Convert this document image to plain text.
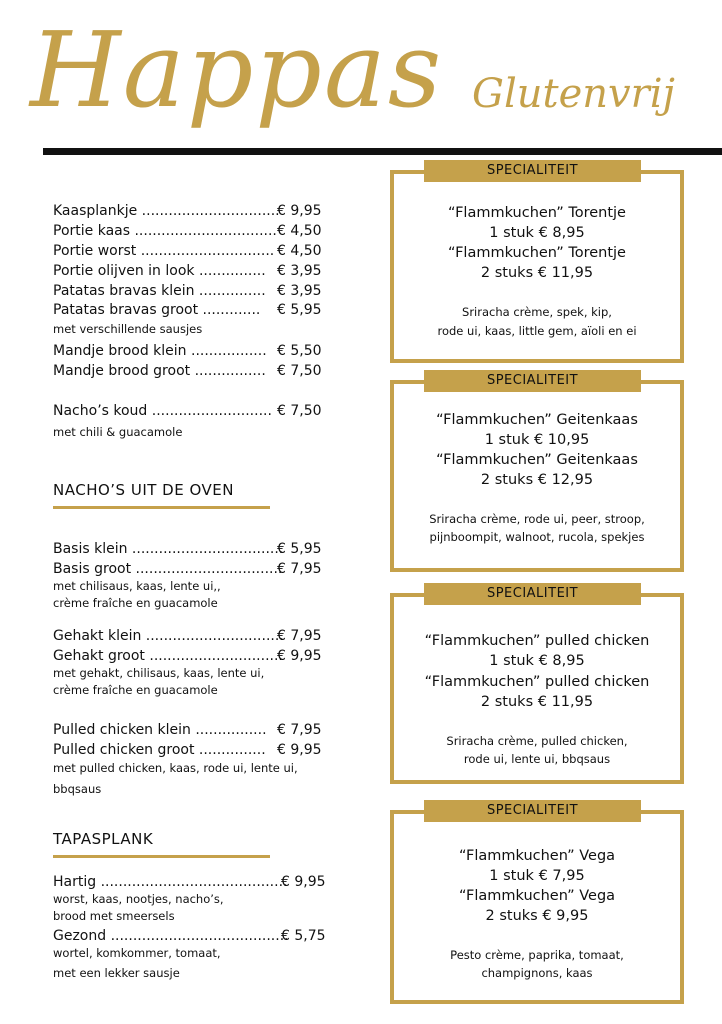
Happas Glutenvrij
Kaasplankje ...............................
€ 9,95
Portie kaas ................................ € 4,50
Portie worst .............................. € 4,50
Portie olijven in look ............... € 3,95
Patatas bravas klein ............... € 3,95
Patatas bravas groot ............. € 5,95
met verschillende sausjes
Mandje brood klein ................. € 5,50
Mandje brood groot ................ € 7,50
Nacho’s koud ........................... € 7,50
met chili & guacamole
NACHO’S UIT DE OVEN
Basis klein ..................................
€ 5,95
Basis groot .................................
€ 7,95
met chilisaus, kaas, lente ui,,
crème fraîche en guacamole
Gehakt klein ...............................
€ 7,95
Gehakt groot ..............................
€ 9,95
met gehakt, chilisaus, kaas, lente ui,
crème fraîche en guacamole
Pulled chicken klein ................ € 7,95
Pulled chicken groot ............... € 9,95
met pulled chicken, kaas, rode ui, lente ui,
bbqsaus
TAPASPLANK
Hartig ..........................................
€ 9,95
worst, kaas, nootjes, nacho’s,
brood met smeersels
Gezond ........................................
€ 5,75
wortel, komkommer, tomaat,
met een lekker sausje
SPECIALITEIT
“Flammkuchen” Torentje
1 stuk € 8,95
“Flammkuchen” Torentje
2 stuks € 11,95
Sriracha crème, spek, kip,
rode ui, kaas, little gem, aïoli en ei
SPECIALITEIT
“Flammkuchen” Geitenkaas
1 stuk € 10,95
“Flammkuchen” Geitenkaas
2 stuks € 12,95
Sriracha crème, rode ui, peer, stroop,
pijnboompit, walnoot, rucola, spekjes
SPECIALITEIT
“Flammkuchen” pulled chicken
1 stuk € 8,95
“Flammkuchen” pulled chicken
2 stuks € 11,95
Sriracha crème, pulled chicken,
rode ui, lente ui, bbqsaus
SPECIALITEIT
“Flammkuchen” Vega
1 stuk € 7,95
“Flammkuchen” Vega
2 stuks € 9,95
Pesto crème, paprika, tomaat,
champignons, kaas
